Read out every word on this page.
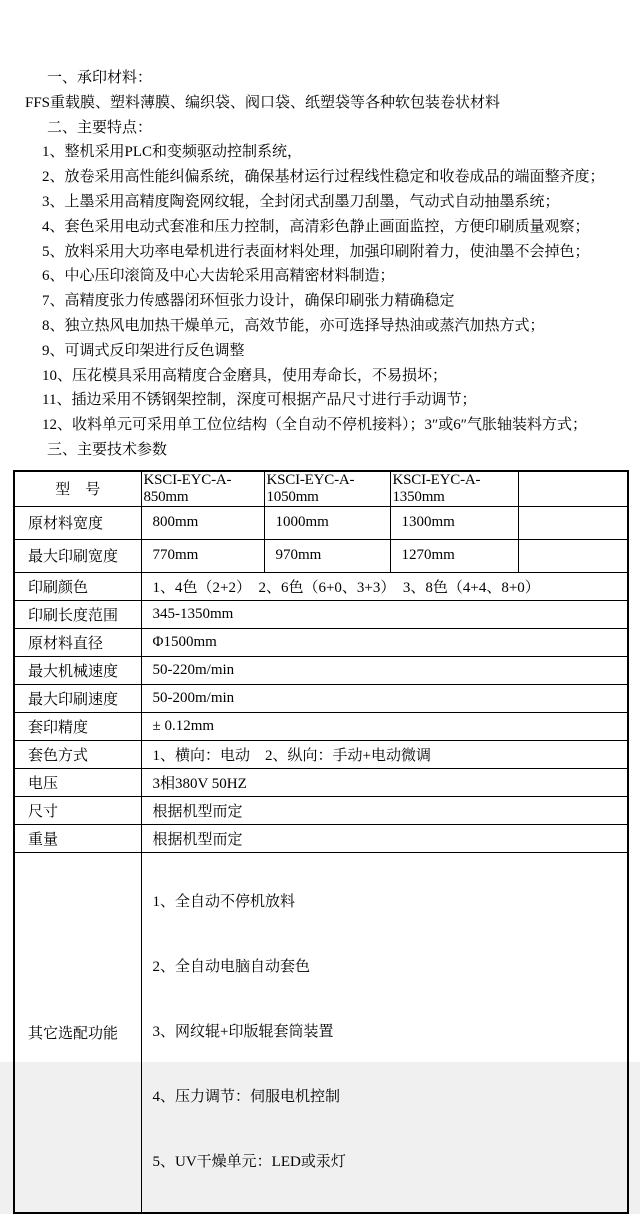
一、承印材料：

FFS重载膜、塑料薄膜、编织袋、阀口袋、纸塑袋等各种软包装卷状材料

二、主要特点：

1、整机采用PLC和变频驱动控制系统，

2、放卷采用高性能纠偏系统，确保基材运行过程线性稳定和收卷成品的端面整齐度；

3、上墨采用高精度陶瓷网纹辊，全封闭式刮墨刀刮墨，气动式自动抽墨系统；

4、套色采用电动式套准和压力控制，高清彩色静止画面监控，方便印刷质量观察；

5、放料采用大功率电晕机进行表面材料处理，加强印刷附着力，使油墨不会掉色；

6、中心压印滚筒及中心大齿轮采用高精密材料制造；

7、高精度张力传感器闭环恒张力设计，确保印刷张力精确稳定

8、独立热风电加热干燥单元，高效节能，亦可选择导热油或蒸汽加热方式；

9、可调式反印架进行反色调整

10、压花模具采用高精度合金磨具，使用寿命长，不易损坏；

11、插边采用不锈钢架控制，深度可根据产品尺寸进行手动调节；

12、收料单元可采用单工位位结构（全自动不停机接料）；3″或6″气胀轴装料方式；

三、主要技术参数

型　号	KSCI-EYC-A-850mm	KSCI-EYC-A-1050mm	KSCI-EYC-A-1350mm	
原材料宽度	800mm	1000mm	1300mm	
最大印刷宽度	770mm	970mm	1270mm	
印刷颜色	1、4色（2+2）  2、6色（6+0、3+3）  3、8色（4+4、8+0）			
印刷长度范围	345-1350mm			
原材料直径	Φ1500mm			
最大机械速度	50-220m/min			
最大印刷速度	50-200m/min			
套印精度	± 0.12mm			
套色方式	1、横向：电动    2、纵向：手动+电动微调			
电压	3相380V 50HZ			
尺寸	根据机型而定			
重量	根据机型而定			
其它选配功能	1、全自动不停机放料

2、全自动电脑自动套色

3、网纹辊+印版辊套筒装置

4、压力调节：伺服电机控制

5、UV干燥单元：LED或汞灯			
